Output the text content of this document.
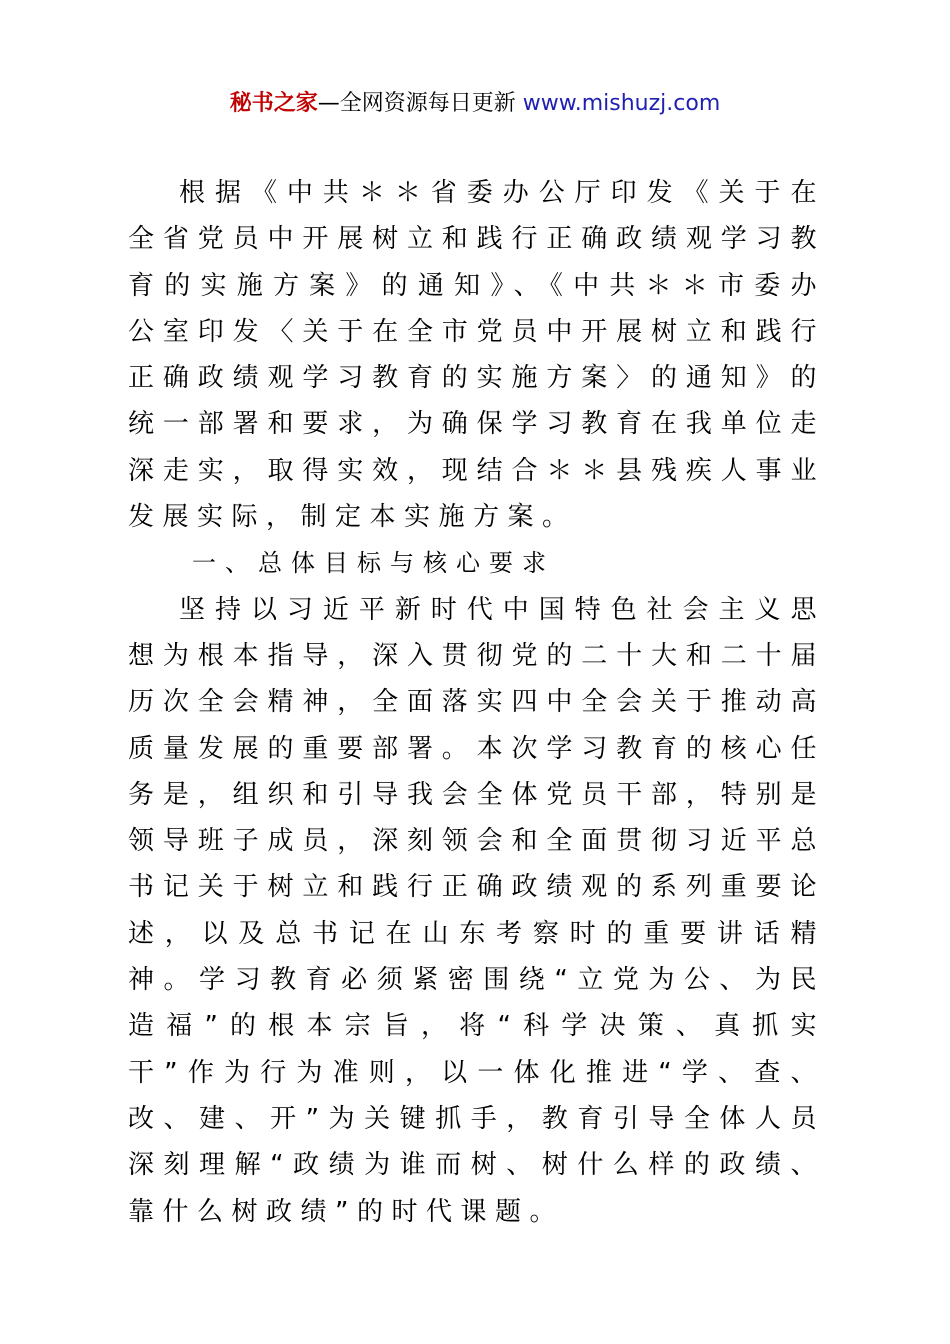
秘书之家—全网资源每日更新 www.mishuzj.com

根据《中共＊＊省委办公厅印发《关于在全省党员中开展树立和践行正确政绩观学习教育的实施方案》的通知》、《中共＊＊市委办公室印发〈关于在全市党员中开展树立和践行正确政绩观学习教育的实施方案〉的通知》的统一部署和要求，为确保学习教育在我单位走深走实，取得实效，现结合＊＊县残疾人事业发展实际，制定本实施方案。

一、总体目标与核心要求

坚持以习近平新时代中国特色社会主义思想为根本指导，深入贯彻党的二十大和二十届历次全会精神，全面落实四中全会关于推动高质量发展的重要部署。本次学习教育的核心任务是，组织和引导我会全体党员干部，特别是领导班子成员，深刻领会和全面贯彻习近平总书记关于树立和践行正确政绩观的系列重要论述，以及总书记在山东考察时的重要讲话精神。学习教育必须紧密围绕“立党为公、为民造福”的根本宗旨，将“科学决策、真抓实干”作为行为准则，以一体化推进“学、查、改、建、开”为关键抓手，教育引导全体人员深刻理解“政绩为谁而树、树什么样的政绩、靠什么树政绩”的时代课题。
